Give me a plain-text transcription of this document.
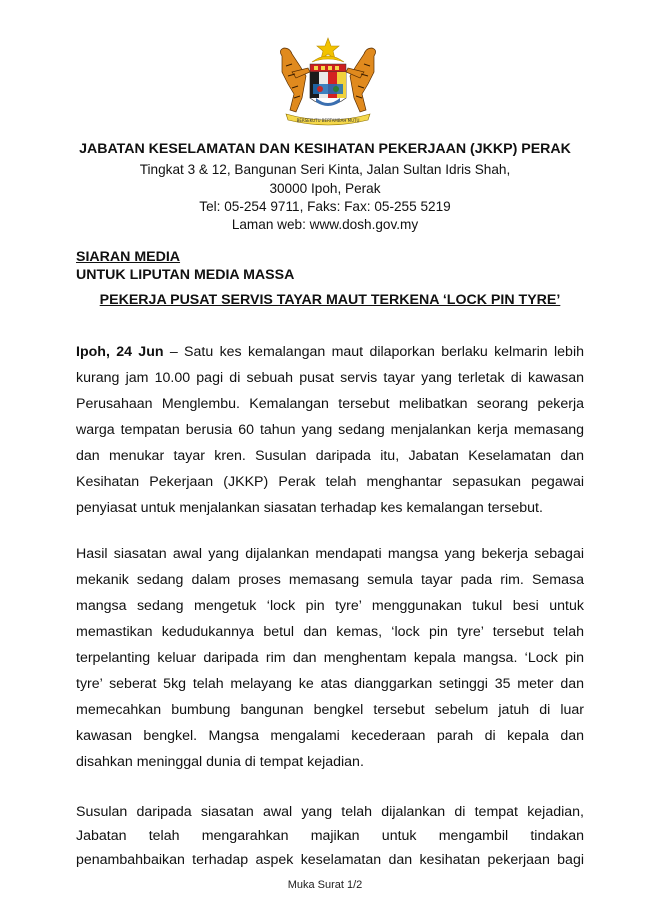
BERSEKUTU BERTAMBAH MUTU
JABATAN KESELAMATAN DAN KESIHATAN PEKERJAAN (JKKP) PERAK
Tingkat 3 & 12, Bangunan Seri Kinta, Jalan Sultan Idris Shah,
30000 Ipoh, Perak
Tel: 05-254 9711, Faks: Fax: 05-255 5219
Laman web: www.dosh.gov.my
SIARAN MEDIA
UNTUK LIPUTAN MEDIA MASSA
PEKERJA PUSAT SERVIS TAYAR MAUT TERKENA ‘LOCK PIN TYRE’
Ipoh, 24 Jun – Satu kes kemalangan maut dilaporkan berlaku kelmarin lebih
kurang jam 10.00 pagi di sebuah pusat servis tayar yang terletak di kawasan
Perusahaan Menglembu. Kemalangan tersebut melibatkan seorang pekerja
warga tempatan berusia 60 tahun yang sedang menjalankan kerja memasang
dan menukar tayar kren. Susulan daripada itu, Jabatan Keselamatan dan
Kesihatan Pekerjaan (JKKP) Perak telah menghantar sepasukan pegawai
penyiasat untuk menjalankan siasatan terhadap kes kemalangan tersebut.
Hasil siasatan awal yang dijalankan mendapati mangsa yang bekerja sebagai
mekanik sedang dalam proses memasang semula tayar pada rim. Semasa
mangsa sedang mengetuk ‘lock pin tyre’ menggunakan tukul besi untuk
memastikan kedudukannya betul dan kemas, ‘lock pin tyre’ tersebut telah
terpelanting keluar daripada rim dan menghentam kepala mangsa. ‘Lock pin
tyre’ seberat 5kg telah melayang ke atas dianggarkan setinggi 35 meter dan
memecahkan bumbung bangunan bengkel tersebut sebelum jatuh di luar
kawasan bengkel. Mangsa mengalami kecederaan parah di kepala dan
disahkan meninggal dunia di tempat kejadian.
Muka Surat 1/2
Susulan daripada siasatan awal yang telah dijalankan di tempat kejadian,
Jabatan telah mengarahkan majikan untuk mengambil tindakan
penambahbaikan terhadap aspek keselamatan dan kesihatan pekerjaan bagi
